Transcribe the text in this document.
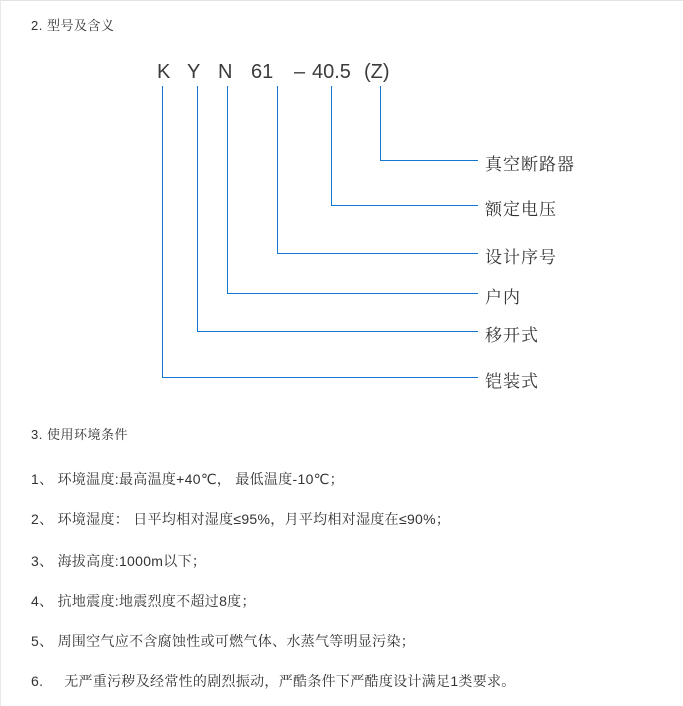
2. 型号及含义
K Y N 61 – 40.5 (Z)
真空断路器
额定电压
设计序号
户内
移开式
铠装式
3. 使用环境条件
1、 环境温度:最高温度+40℃， 最低温度-10℃；
2、 环境湿度： 日平均相对湿度≤95%，月平均相对湿度在≤90%；
3、 海拔高度:1000m以下；
4、 抗地震度:地震烈度不超过8度；
5、 周围空气应不含腐蚀性或可燃气体、水蒸气等明显污染；
6.     无严重污秽及经常性的剧烈振动，严酷条件下严酷度设计满足1类要求。
